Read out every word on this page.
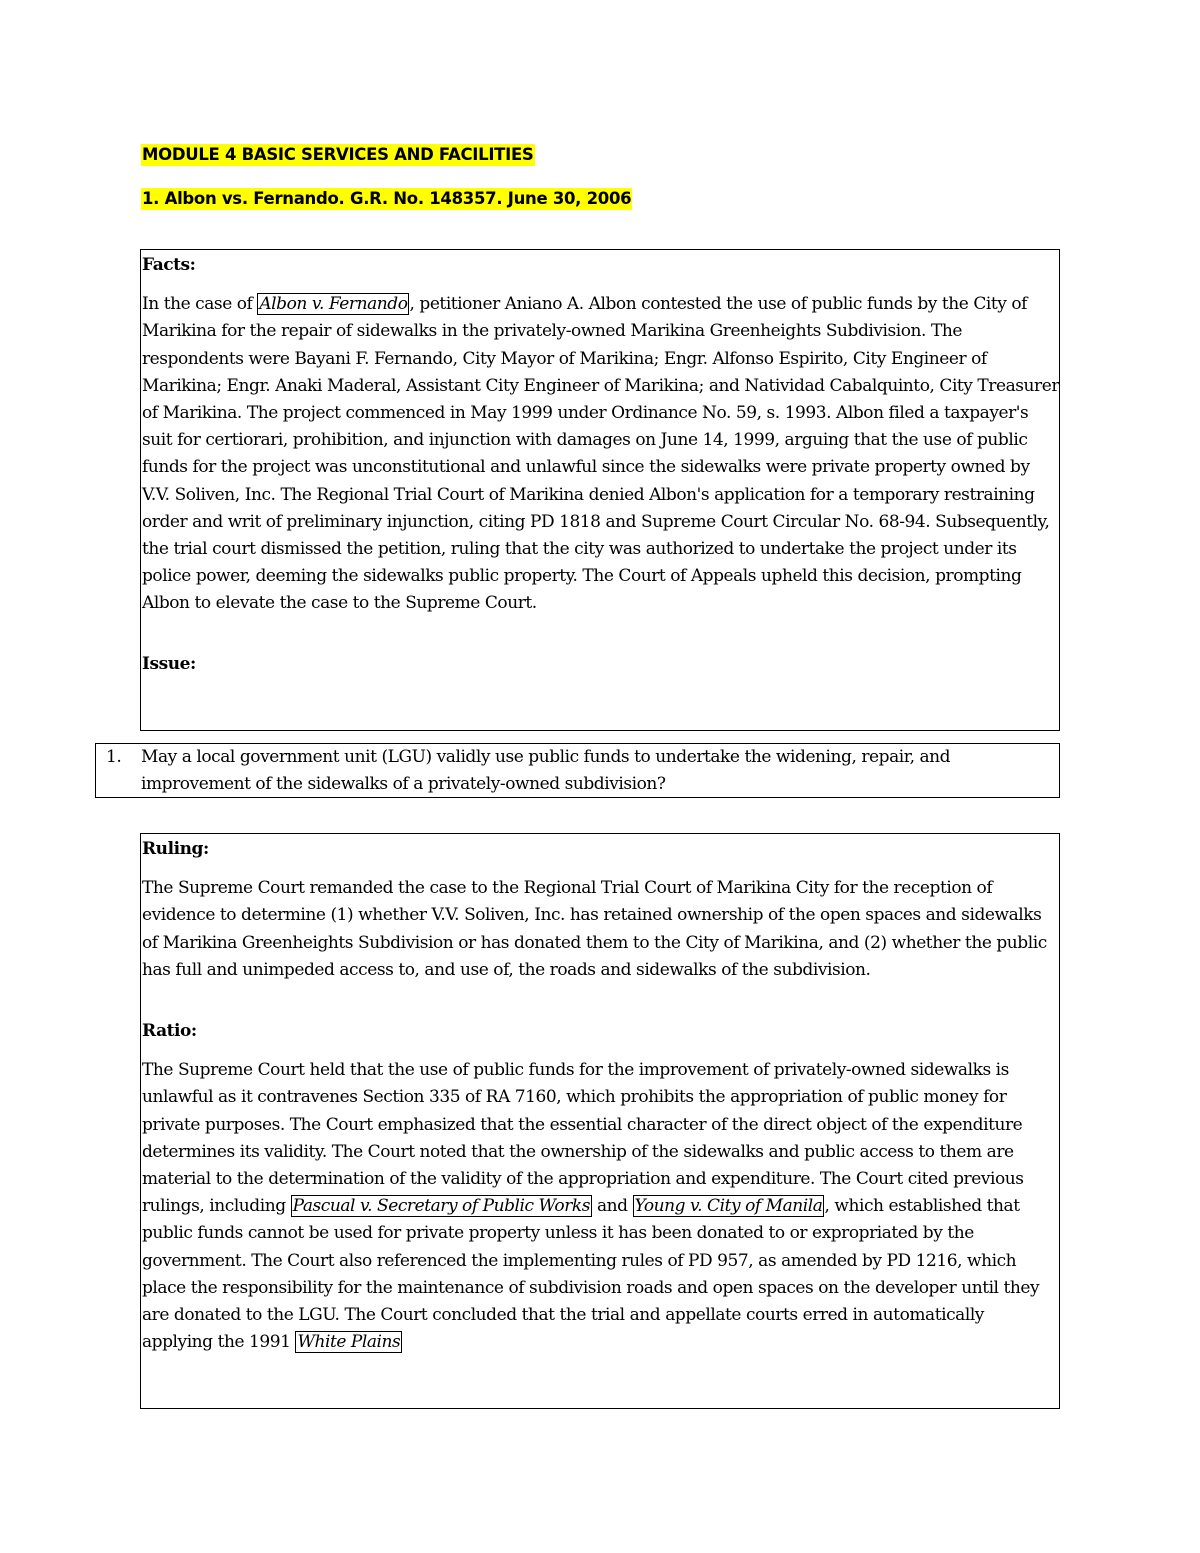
MODULE 4 BASIC SERVICES AND FACILITIES
1. Albon vs. Fernando. G.R. No. 148357. June 30, 2006

Facts:

In the case of Albon v. Fernando , petitioner Aniano A. Albon contested the use of public funds by the City of Marikina for the repair of sidewalks in the privately-owned Marikina Greenheights Subdivision. The respondents were Bayani F. Fernando, City Mayor of Marikina; Engr. Alfonso Espirito, City Engineer of Marikina; Engr. Anaki Maderal, Assistant City Engineer of Marikina; and Natividad Cabalquinto, City Treasurer of Marikina. The project commenced in May 1999 under Ordinance No. 59, s. 1993. Albon filed a taxpayer's suit for certiorari, prohibition, and injunction with damages on June 14, 1999, arguing that the use of public funds for the project was unconstitutional and unlawful since the sidewalks were private property owned by V.V. Soliven, Inc. The Regional Trial Court of Marikina denied Albon's application for a temporary restraining order and writ of preliminary injunction, citing PD 1818 and Supreme Court Circular No. 68-94. Subsequently, the trial court dismissed the petition, ruling that the city was authorized to undertake the project under its police power, deeming the sidewalks public property. The Court of Appeals upheld this decision, prompting Albon to elevate the case to the Supreme Court.

Issue:

1. May a local government unit (LGU) validly use public funds to undertake the widening, repair, and improvement of the sidewalks of a privately-owned subdivision?

Ruling:

The Supreme Court remanded the case to the Regional Trial Court of Marikina City for the reception of evidence to determine (1) whether V.V. Soliven, Inc. has retained ownership of the open spaces and sidewalks of Marikina Greenheights Subdivision or has donated them to the City of Marikina, and (2) whether the public has full and unimpeded access to, and use of, the roads and sidewalks of the subdivision.

Ratio:

The Supreme Court held that the use of public funds for the improvement of privately-owned sidewalks is unlawful as it contravenes Section 335 of RA 7160, which prohibits the appropriation of public money for private purposes. The Court emphasized that the essential character of the direct object of the expenditure determines its validity. The Court noted that the ownership of the sidewalks and public access to them are material to the determination of the validity of the appropriation and expenditure. The Court cited previous rulings, including Pascual v. Secretary of Public Works and Young v. City of Manila , which established that public funds cannot be used for private property unless it has been donated to or expropriated by the government. The Court also referenced the implementing rules of PD 957, as amended by PD 1216, which place the responsibility for the maintenance of subdivision roads and open spaces on the developer until they are donated to the LGU. The Court concluded that the trial and appellate courts erred in automatically applying the 1991 White Plains
